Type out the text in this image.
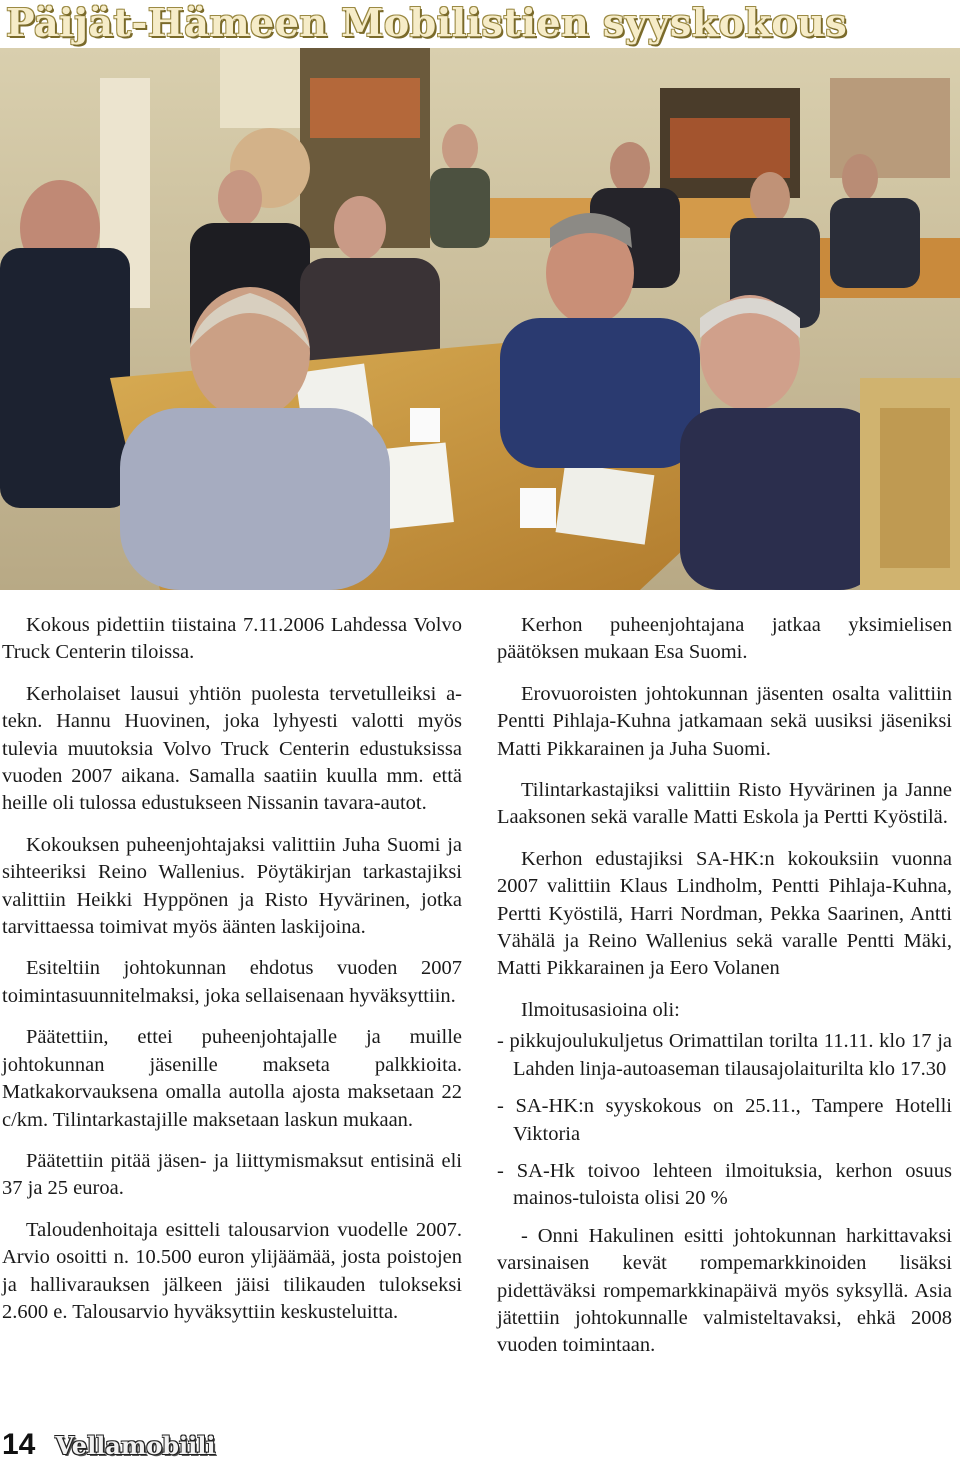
Päijät-Hämeen Mobilistien syyskokous

Kokous pidettiin tiistaina 7.11.2006 Lahdessa Volvo Truck Centerin tiloissa.

Kerholaiset lausui yhtiön puolesta tervetulleiksi a-tekn. Hannu Huovinen, joka lyhyesti valotti myös tulevia muutoksia Volvo Truck Centerin edustuksissa vuoden 2007 aikana. Samalla saatiin kuulla mm. että heille oli tulossa edustukseen Nissanin tavara-autot.

Kokouksen puheenjohtajaksi valittiin Juha Suomi ja sihteeriksi Reino Wallenius. Pöytäkirjan tarkastajiksi valittiin Heikki Hyppönen ja Risto Hyvärinen, jotka tarvittaessa toimivat myös äänten laskijoina.

Esiteltiin johtokunnan ehdotus vuoden 2007 toimintasuunnitelmaksi, joka sellaisenaan hyväksyttiin.

Päätettiin, ettei puheenjohtajalle ja muille johtokunnan jäsenille makseta palkkioita. Matkakorvauksena omalla autolla ajosta maksetaan 22 c/km. Tilintarkastajille maksetaan laskun mukaan.

Päätettiin pitää jäsen- ja liittymismaksut entisinä eli 37 ja 25 euroa.

Taloudenhoitaja esitteli talousarvion vuodelle 2007. Arvio osoitti n. 10.500 euron ylijäämää, josta poistojen ja hallivarauksen jälkeen jäisi tilikauden tulokseksi 2.600 e. Talousarvio hyväksyttiin keskusteluitta.

Kerhon puheenjohtajana jatkaa yksimielisen päätöksen mukaan Esa Suomi.

Erovuoroisten johtokunnan jäsenten osalta valittiin Pentti Pihlaja-Kuhna jatkamaan sekä uusiksi jäseniksi Matti Pikkarainen ja Juha Suomi.

Tilintarkastajiksi valittiin Risto Hyvärinen ja Janne Laaksonen sekä varalle Matti Eskola ja Pertti Kyöstilä.

Kerhon edustajiksi SA-HK:n kokouksiin vuonna 2007 valittiin Klaus Lindholm, Pentti Pihlaja-Kuhna, Pertti Kyöstilä, Harri Nordman, Pekka Saarinen, Antti Vähälä ja Reino Wallenius sekä varalle Pentti Mäki, Matti Pikkarainen ja Eero Volanen

Ilmoitusasioina oli:

- pikkujoulukuljetus Orimattilan torilta 11.11. klo 17 ja Lahden linja-autoaseman tilausajolaiturilta klo 17.30
- SA-HK:n syyskokous on 25.11., Tampere Hotelli Viktoria
- SA-Hk toivoo lehteen ilmoituksia, kerhon osuus mainos-tuloista olisi 20 %

- Onni Hakulinen esitti johtokunnan harkittavaksi varsinaisen kevät rompemarkkinoiden lisäksi pidettäväksi rompemarkkinapäivä myös syksyllä. Asia jätettiin johtokunnalle valmisteltavaksi, ehkä 2008 vuoden toimintaan.

14 Vellamobiili
